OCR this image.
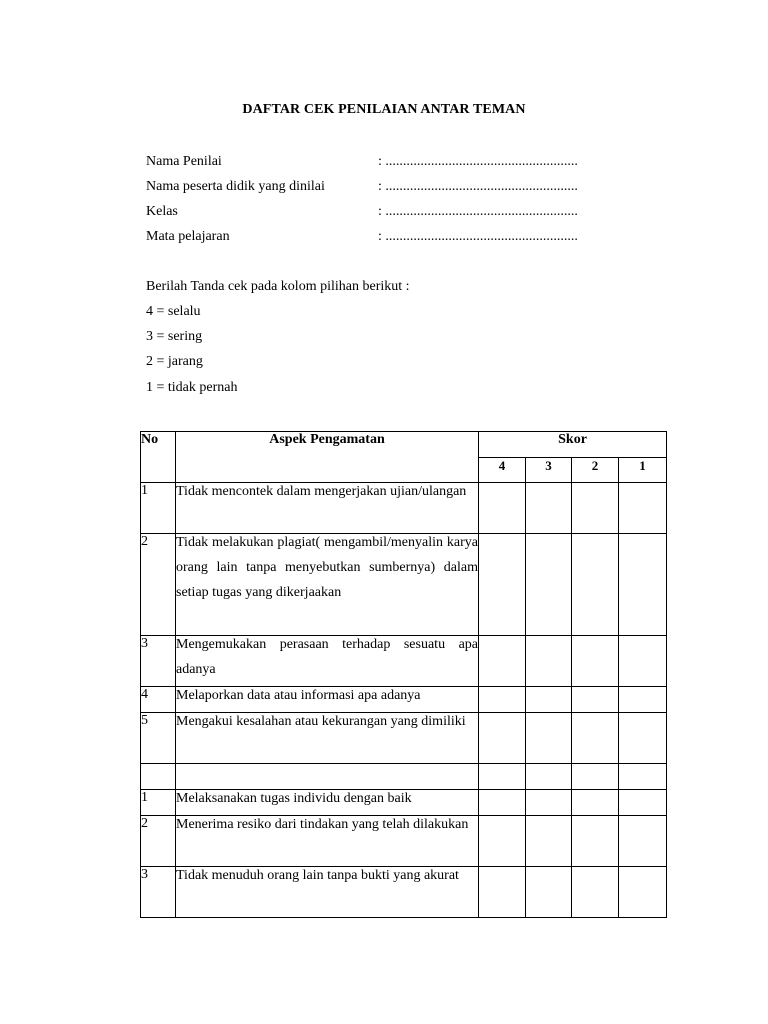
DAFTAR CEK PENILAIAN ANTAR TEMAN
Nama Penilai	: .......................................................
Nama peserta didik yang dinilai	: .......................................................
Kelas	: .......................................................
Mata pelajaran	: .......................................................
Berilah Tanda cek pada kolom pilihan berikut :
4 = selalu
3 = sering
2 = jarang
1 = tidak pernah
No	Aspek Pengamatan	Skor			
		4	3	2	1
1	Tidak mencontek dalam mengerjakan ujian/ulangan				

2	Tidak melakukan plagiat( mengambil/menyalin karya orang lain tanpa menyebutkan sumbernya) dalam setiap tugas yang dikerjaakan				

3	Mengemukakan perasaan terhadap sesuatu apa adanya				

4	Melaporkan data atau informasi apa adanya				

5	Mengakui kesalahan atau kekurangan yang dimiliki				

1	Melaksanakan tugas individu dengan baik				

2	Menerima resiko dari tindakan yang telah dilakukan				

3	Tidak menuduh orang lain tanpa bukti yang akurat				
